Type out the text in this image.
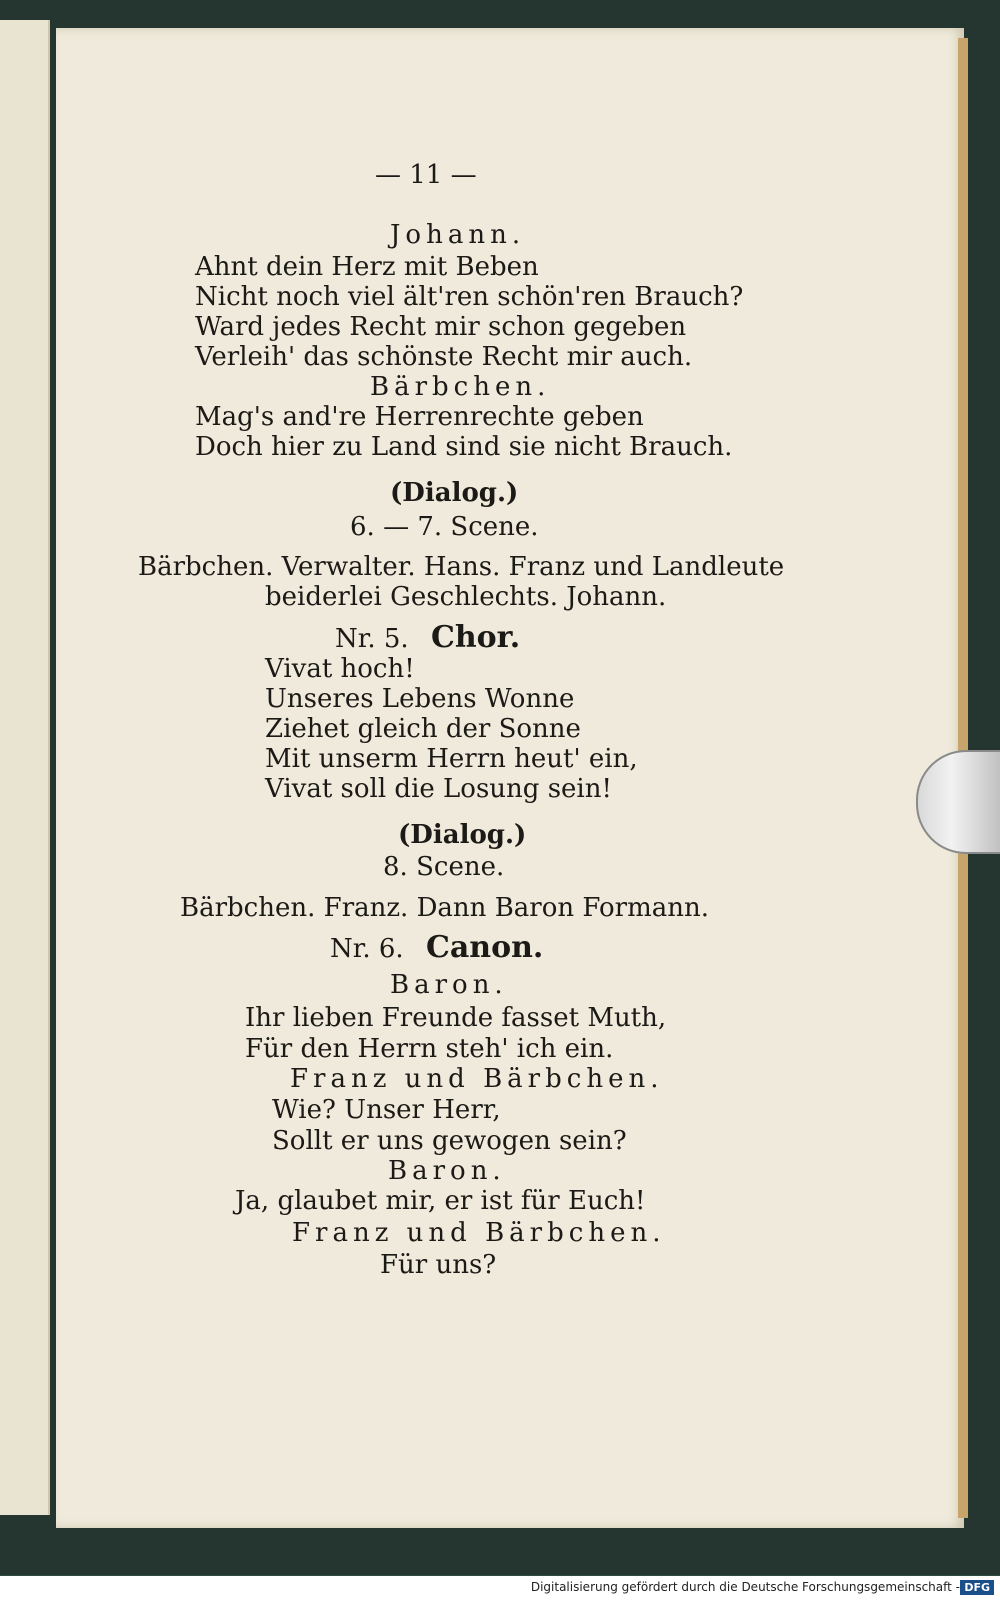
— 11 —
Johann.
Ahnt dein Herz mit Beben
Nicht noch viel ält'ren schön'ren Brauch?
Ward jedes Recht mir schon gegeben
Verleih' das schönste Recht mir auch.
Bärbchen.
Mag's and're Herrenrechte geben
Doch hier zu Land sind sie nicht Brauch.
(Dialog.)
6. — 7. Scene.
Bärbchen. Verwalter. Hans. Franz und Landleute
beiderlei Geschlechts. Johann.
Nr. 5. Chor.
Vivat hoch!
Unseres Lebens Wonne
Ziehet gleich der Sonne
Mit unserm Herrn heut' ein,
Vivat soll die Losung sein!
(Dialog.)
8. Scene.
Bärbchen. Franz. Dann Baron Formann.
Nr. 6. Canon.
Baron.
Ihr lieben Freunde fasset Muth,
Für den Herrn steh' ich ein.
Franz und Bärbchen.
Wie? Unser Herr,
Sollt er uns gewogen sein?
Baron.
Ja, glaubet mir, er ist für Euch!
Franz und Bärbchen.
Für uns?
Digitalisierung gefördert durch die Deutsche Forschungsgemeinschaft - DFG
